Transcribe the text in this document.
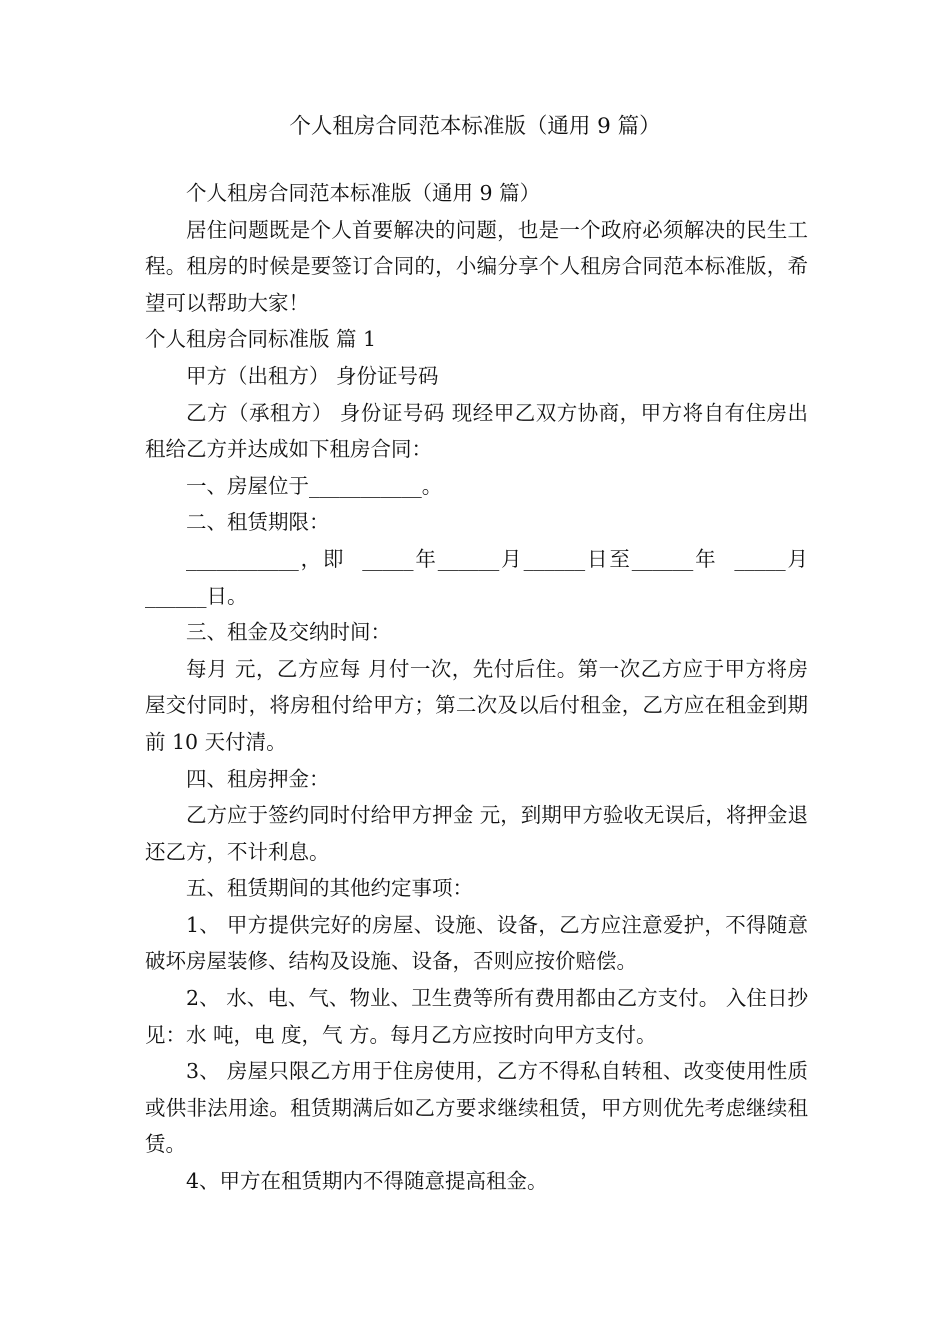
个人租房合同范本标准版（通用 9 篇）

个人租房合同范本标准版（通用 9 篇）

居住问题既是个人首要解决的问题，也是一个政府必须解决的民生工程。租房的时候是要签订合同的，小编分享个人租房合同范本标准版，希望可以帮助大家！

个人租房合同标准版 篇 1

甲方（出租方） 身份证号码

乙方（承租方） 身份证号码 现经甲乙双方协商，甲方将自有住房出租给乙方并达成如下租房合同：

一、房屋位于___________。

二、租赁期限：

___________，即  _____年______月______日至______年  _____月______日。

三、租金及交纳时间：

每月 元，乙方应每 月付一次，先付后住。第一次乙方应于甲方将房屋交付同时，将房租付给甲方；第二次及以后付租金，乙方应在租金到期前 10 天付清。

四、租房押金：

乙方应于签约同时付给甲方押金 元，到期甲方验收无误后，将押金退还乙方，不计利息。

五、租赁期间的其他约定事项：

1、 甲方提供完好的房屋、设施、设备，乙方应注意爱护，不得随意破坏房屋装修、结构及设施、设备，否则应按价赔偿。

2、 水、电、气、物业、卫生费等所有费用都由乙方支付。 入住日抄见：水 吨，电 度，气 方。每月乙方应按时向甲方支付。

3、 房屋只限乙方用于住房使用，乙方不得私自转租、改变使用性质或供非法用途。租赁期满后如乙方要求继续租赁，甲方则优先考虑继续租赁。

4、甲方在租赁期内不得随意提高租金。
